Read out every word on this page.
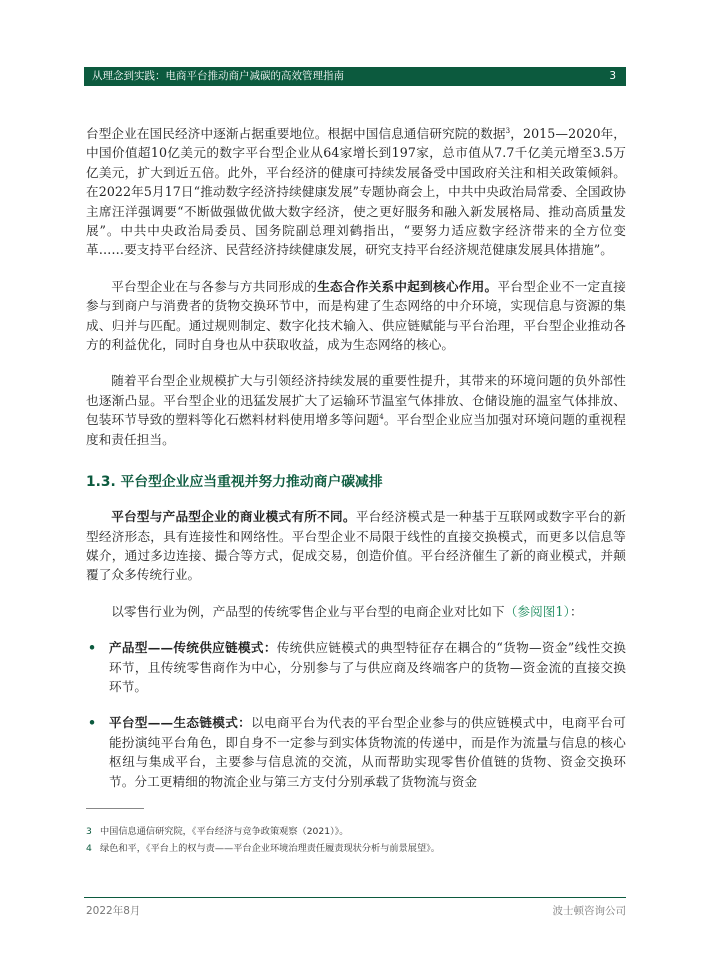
从理念到实践：电商平台推动商户减碳的高效管理指南	3

台型企业在国民经济中逐渐占据重要地位。根据中国信息通信研究院的数据$^3$，2015—2020年，中国价值超10亿美元的数字平台型企业从64家增长到197家，总市值从7.7千亿美元增至3.5万亿美元，扩大到近五倍。此外，平台经济的健康可持续发展备受中国政府关注和相关政策倾斜。在2022年5月17日“推动数字经济持续健康发展”专题协商会上，中共中央政治局常委、全国政协主席汪洋强调要“不断做强做优做大数字经济，使之更好服务和融入新发展格局、推动高质量发展”。中共中央政治局委员、国务院副总理刘鹤指出，“要努力适应数字经济带来的全方位变革……要支持平台经济、民营经济持续健康发展，研究支持平台经济规范健康发展具体措施”。

平台型企业在与各参与方共同形成的生态合作关系中起到核心作用。平台型企业不一定直接参与到商户与消费者的货物交换环节中，而是构建了生态网络的中介环境，实现信息与资源的集成、归并与匹配。通过规则制定、数字化技术输入、供应链赋能与平台治理，平台型企业推动各方的利益优化，同时自身也从中获取收益，成为生态网络的核心。

随着平台型企业规模扩大与引领经济持续发展的重要性提升，其带来的环境问题的负外部性也逐渐凸显。平台型企业的迅猛发展扩大了运输环节温室气体排放、仓储设施的温室气体排放、包装环节导致的塑料等化石燃料材料使用增多等问题$^4$。平台型企业应当加强对环境问题的重视程度和责任担当。

1.3. 平台型企业应当重视并努力推动商户碳减排

平台型与产品型企业的商业模式有所不同。平台经济模式是一种基于互联网或数字平台的新型经济形态，具有连接性和网络性。平台型企业不局限于线性的直接交换模式，而更多以信息等媒介，通过多边连接、撮合等方式，促成交易，创造价值。平台经济催生了新的商业模式，并颠覆了众多传统行业。

以零售行业为例，产品型的传统零售企业与平台型的电商企业对比如下（参阅图1）：

• 产品型——传统供应链模式：传统供应链模式的典型特征存在耦合的“货物—资金”线性交换环节，且传统零售商作为中心，分别参与了与供应商及终端客户的货物—资金流的直接交换环节。

• 平台型——生态链模式：以电商平台为代表的平台型企业参与的供应链模式中，电商平台可能扮演纯平台角色，即自身不一定参与到实体货物流的传递中，而是作为流量与信息的核心枢纽与集成平台，主要参与信息流的交流，从而帮助实现零售价值链的货物、资金交换环节。分工更精细的物流企业与第三方支付分别承载了货物流与资金

3 中国信息通信研究院，《平台经济与竞争政策观察（2021）》。
4 绿色和平，《平台上的权与责——平台企业环境治理责任履责现状分析与前景展望》。
2022年8月	波士顿咨询公司
